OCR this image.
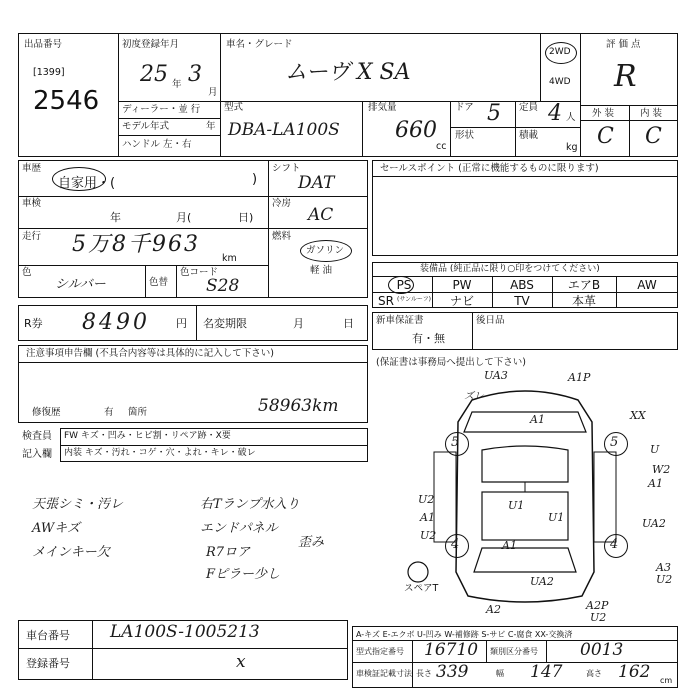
出品番号
[1399]
2546
初度登録年月
25 年 3
月
ディーラー・並 行
モデル年式	年
ハンドル 左・右
車名・グレード
ムーヴ X SA
2WD
4WD
型式
DBA-LA100S
排気量
660
cc
ドア 5
形状
定員 4 人
積載
kg
評 価 点
R
外 装	内 装
C C
車歴
自家用・(	)
車検
年	月(	日)
走行 5万8千963
km
色
シルバー	色替
色コード
S28
シフト
DAT
冷房
AC
燃料
ガソリン
軽 油
セールスポイント (正常に機能するものに限ります)
装備品 (純正品に限り○印をつけてください)
PS	PW	ABS	エアB	AW
SR (サンルーフ)	ナビ	TV	本革
R券 8490 円 名変期限	月	日 新車保証書
有・無
後日品
注意事項申告欄 (不具合内容等は具体的に記入して下さい)
修復歴	有 箇所	58963km
検査員
記入欄
FW キズ・凹み・ヒビ割・リペア跡・X要
内装 キズ・汚れ・コゲ・穴・よれ・キレ・破レ
天張シミ・汚レ
AWキズ
メインキー欠
右Tランプ水入り
エンドパネル
R7ロア
Fピラー少し
歪み
(保証書は事務局へ提出して下さい)
5	5
4	4
UA3	A1P
ズレ
A1	XX
U
W2
A1
A1
U2	U1
U1
U2
A1
UA2
UA2
A3
U2
A2	A2P
U2
スペアT
車台番号 LA100S-1005213
登録番号	x
A-キズ E-エクボ U-凹み W-補修跡 S-サビ C-腐食 XX-交換済
型式指定番号 16710 類別区分番号 0013
車検証記載寸法 長さ 339	幅 147	高さ 162 cm
